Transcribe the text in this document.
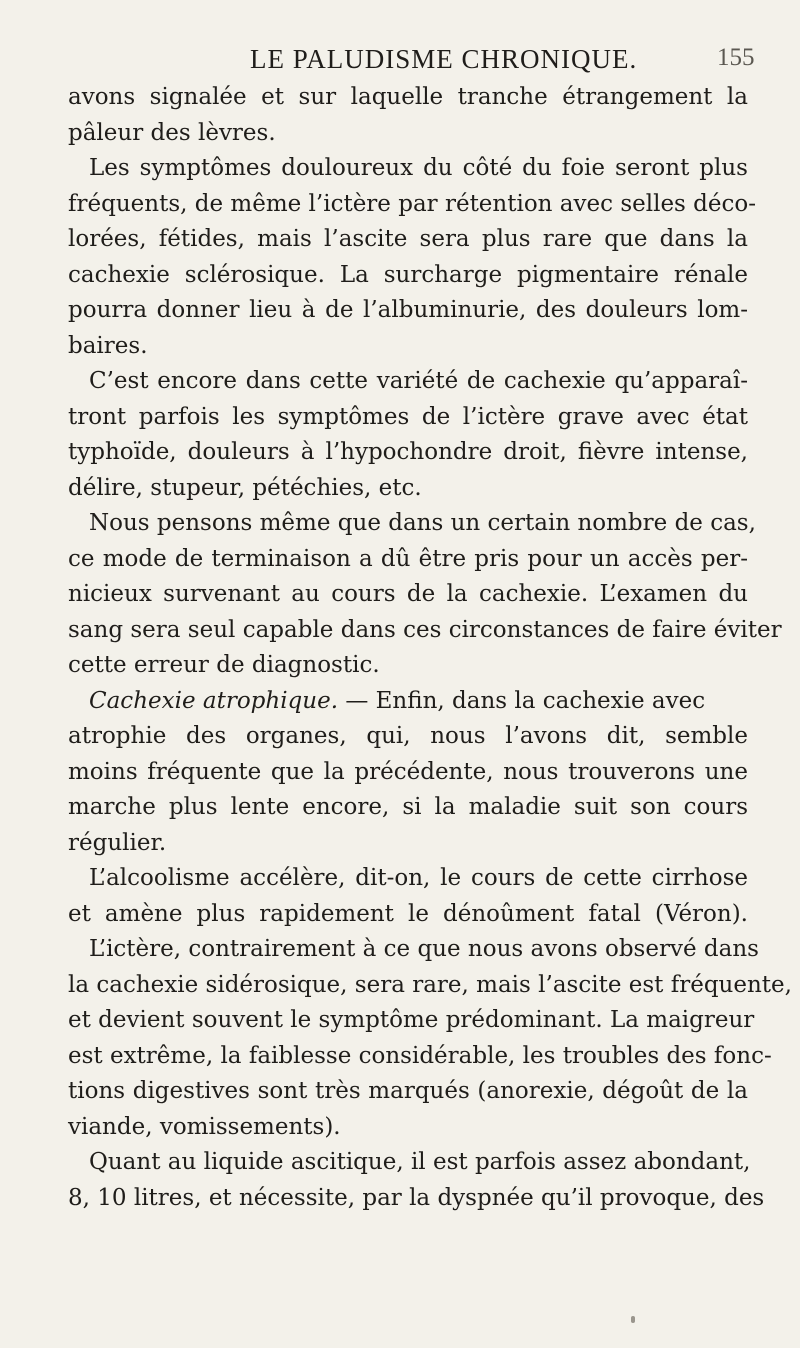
LE PALUDISME CHRONIQUE.	155
avons signalée et sur laquelle tranche étrangement la
pâleur des lèvres.
Les symptômes douloureux du côté du foie seront plus
fréquents, de même l’ictère par rétention avec selles déco-
lorées, fétides, mais l’ascite sera plus rare que dans la
cachexie sclérosique. La surcharge pigmentaire rénale
pourra donner lieu à de l’albuminurie, des douleurs lom-
baires.
C’est encore dans cette variété de cachexie qu’apparaî-
tront parfois les symptômes de l’ictère grave avec état
typhoïde, douleurs à l’hypochondre droit, fièvre intense,
délire, stupeur, pétéchies, etc.
Nous pensons même que dans un certain nombre de cas,
ce mode de terminaison a dû être pris pour un accès per-
nicieux survenant au cours de la cachexie. L’examen du
sang sera seul capable dans ces circonstances de faire éviter
cette erreur de diagnostic.
Cachexie atrophique. — Enfin, dans la cachexie avec
atrophie des organes, qui, nous l’avons dit, semble
moins fréquente que la précédente, nous trouverons une
marche plus lente encore, si la maladie suit son cours
régulier.
L’alcoolisme accélère, dit-on, le cours de cette cirrhose
et amène plus rapidement le dénoûment fatal (Véron).
L’ictère, contrairement à ce que nous avons observé dans
la cachexie sidérosique, sera rare, mais l’ascite est fréquente,
et devient souvent le symptôme prédominant. La maigreur
est extrême, la faiblesse considérable, les troubles des fonc-
tions digestives sont très marqués (anorexie, dégoût de la
viande, vomissements).
Quant au liquide ascitique, il est parfois assez abondant,
8, 10 litres, et nécessite, par la dyspnée qu’il provoque, des
